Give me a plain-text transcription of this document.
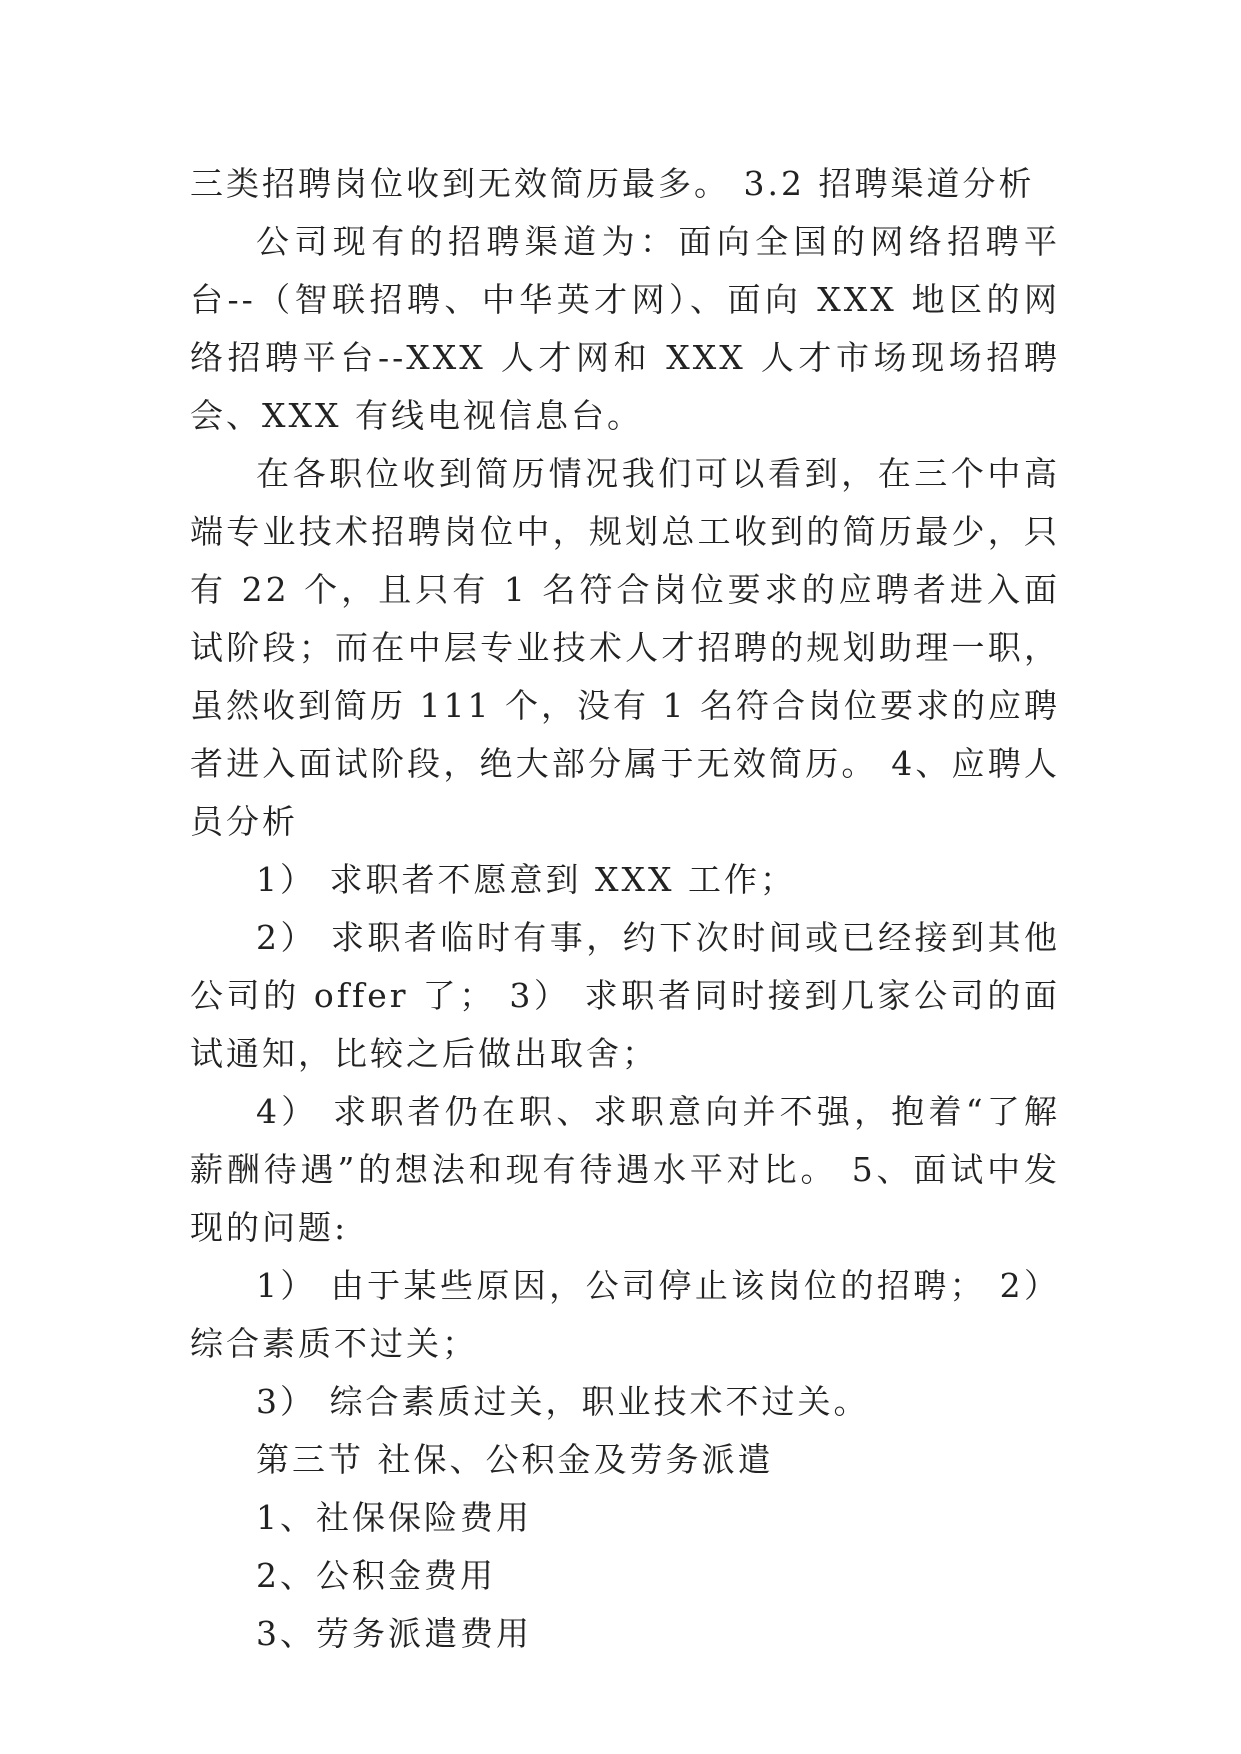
三类招聘岗位收到无效简历最多。 3.2 招聘渠道分析

公司现有的招聘渠道为：面向全国的网络招聘平台--（智联招聘、中华英才网）、面向 XXX 地区的网络招聘平台--XXX 人才网和 XXX 人才市场现场招聘会、XXX 有线电视信息台。

在各职位收到简历情况我们可以看到，在三个中高端专业技术招聘岗位中，规划总工收到的简历最少，只有 22 个，且只有 1 名符合岗位要求的应聘者进入面试阶段；而在中层专业技术人才招聘的规划助理一职，虽然收到简历 111 个，没有 1 名符合岗位要求的应聘者进入面试阶段，绝大部分属于无效简历。 4、应聘人员分析

1） 求职者不愿意到 XXX 工作；

2） 求职者临时有事，约下次时间或已经接到其他公司的 offer 了； 3） 求职者同时接到几家公司的面试通知，比较之后做出取舍；

4） 求职者仍在职、求职意向并不强，抱着“了解薪酬待遇”的想法和现有待遇水平对比。 5、面试中发现的问题:

1） 由于某些原因，公司停止该岗位的招聘； 2） 综合素质不过关；

3） 综合素质过关，职业技术不过关。

第三节 社保、公积金及劳务派遣

1、社保保险费用

2、公积金费用

3、劳务派遣费用
